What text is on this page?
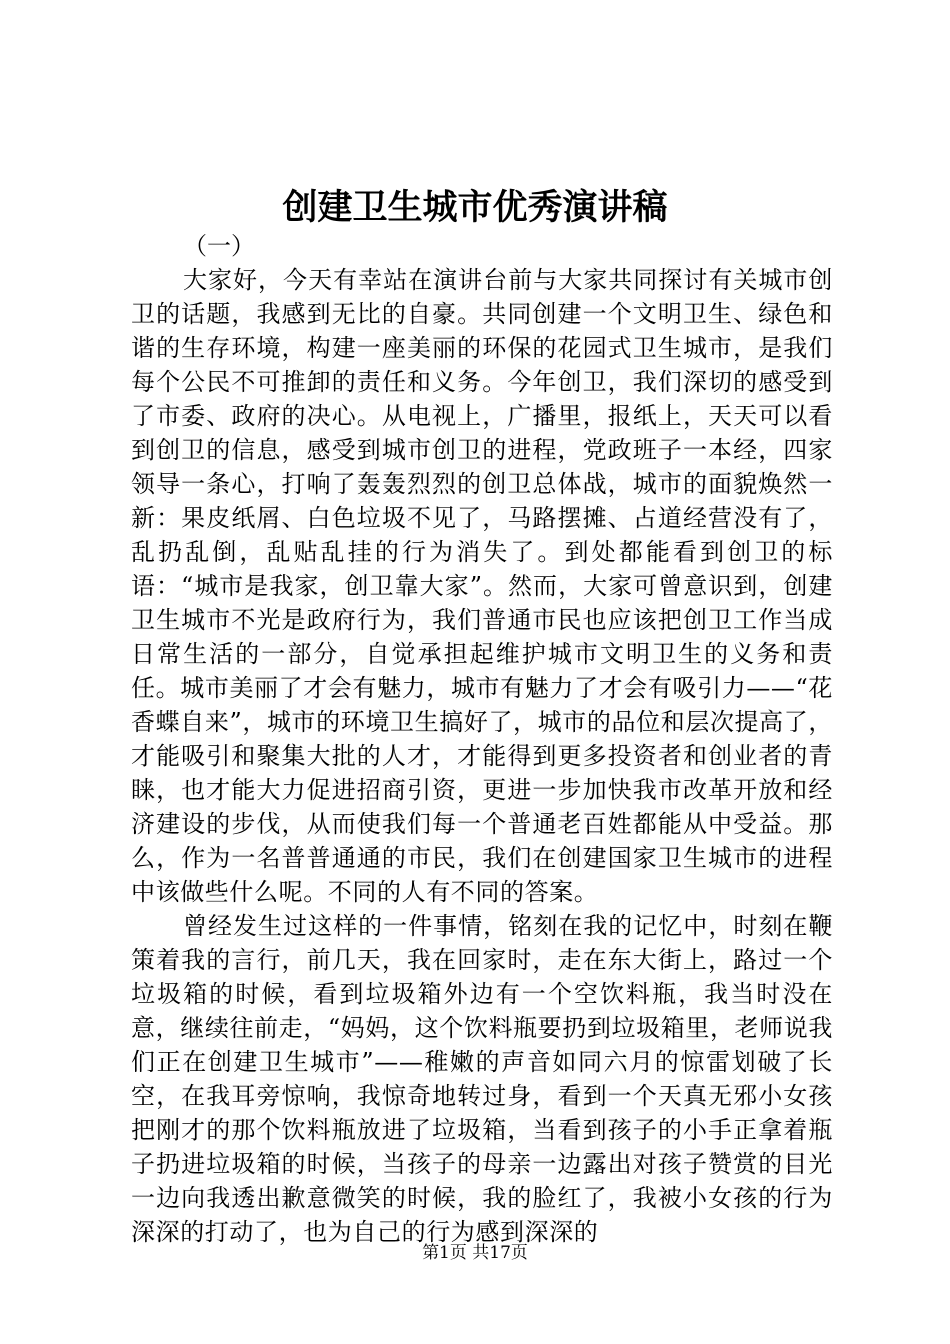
创建卫生城市优秀演讲稿

（一）

大家好，今天有幸站在演讲台前与大家共同探讨有关城市创卫的话题，我感到无比的自豪。共同创建一个文明卫生、绿色和谐的生存环境，构建一座美丽的环保的花园式卫生城市，是我们每个公民不可推卸的责任和义务。今年创卫，我们深切的感受到了市委、政府的决心。从电视上，广播里，报纸上，天天可以看到创卫的信息，感受到城市创卫的进程，党政班子一本经，四家领导一条心，打响了轰轰烈烈的创卫总体战，城市的面貌焕然一新：果皮纸屑、白色垃圾不见了，马路摆摊、占道经营没有了，乱扔乱倒，乱贴乱挂的行为消失了。到处都能看到创卫的标语：“城市是我家，创卫靠大家”。然而，大家可曾意识到，创建卫生城市不光是政府行为，我们普通市民也应该把创卫工作当成日常生活的一部分，自觉承担起维护城市文明卫生的义务和责任。城市美丽了才会有魅力，城市有魅力了才会有吸引力——“花香蝶自来”，城市的环境卫生搞好了，城市的品位和层次提高了，才能吸引和聚集大批的人才，才能得到更多投资者和创业者的青睐，也才能大力促进招商引资，更进一步加快我市改革开放和经济建设的步伐，从而使我们每一个普通老百姓都能从中受益。那么，作为一名普普通通的市民，我们在创建国家卫生城市的进程中该做些什么呢。不同的人有不同的答案。

曾经发生过这样的一件事情，铭刻在我的记忆中，时刻在鞭策着我的言行，前几天，我在回家时，走在东大街上，路过一个垃圾箱的时候，看到垃圾箱外边有一个空饮料瓶，我当时没在意，继续往前走，“妈妈，这个饮料瓶要扔到垃圾箱里，老师说我们正在创建卫生城市”——稚嫩的声音如同六月的惊雷划破了长空，在我耳旁惊响，我惊奇地转过身，看到一个天真无邪小女孩把刚才的那个饮料瓶放进了垃圾箱，当看到孩子的小手正拿着瓶子扔进垃圾箱的时候，当孩子的母亲一边露出对孩子赞赏的目光一边向我透出歉意微笑的时候，我的脸红了，我被小女孩的行为深深的打动了，也为自己的行为感到深深的

第1页 共17页
